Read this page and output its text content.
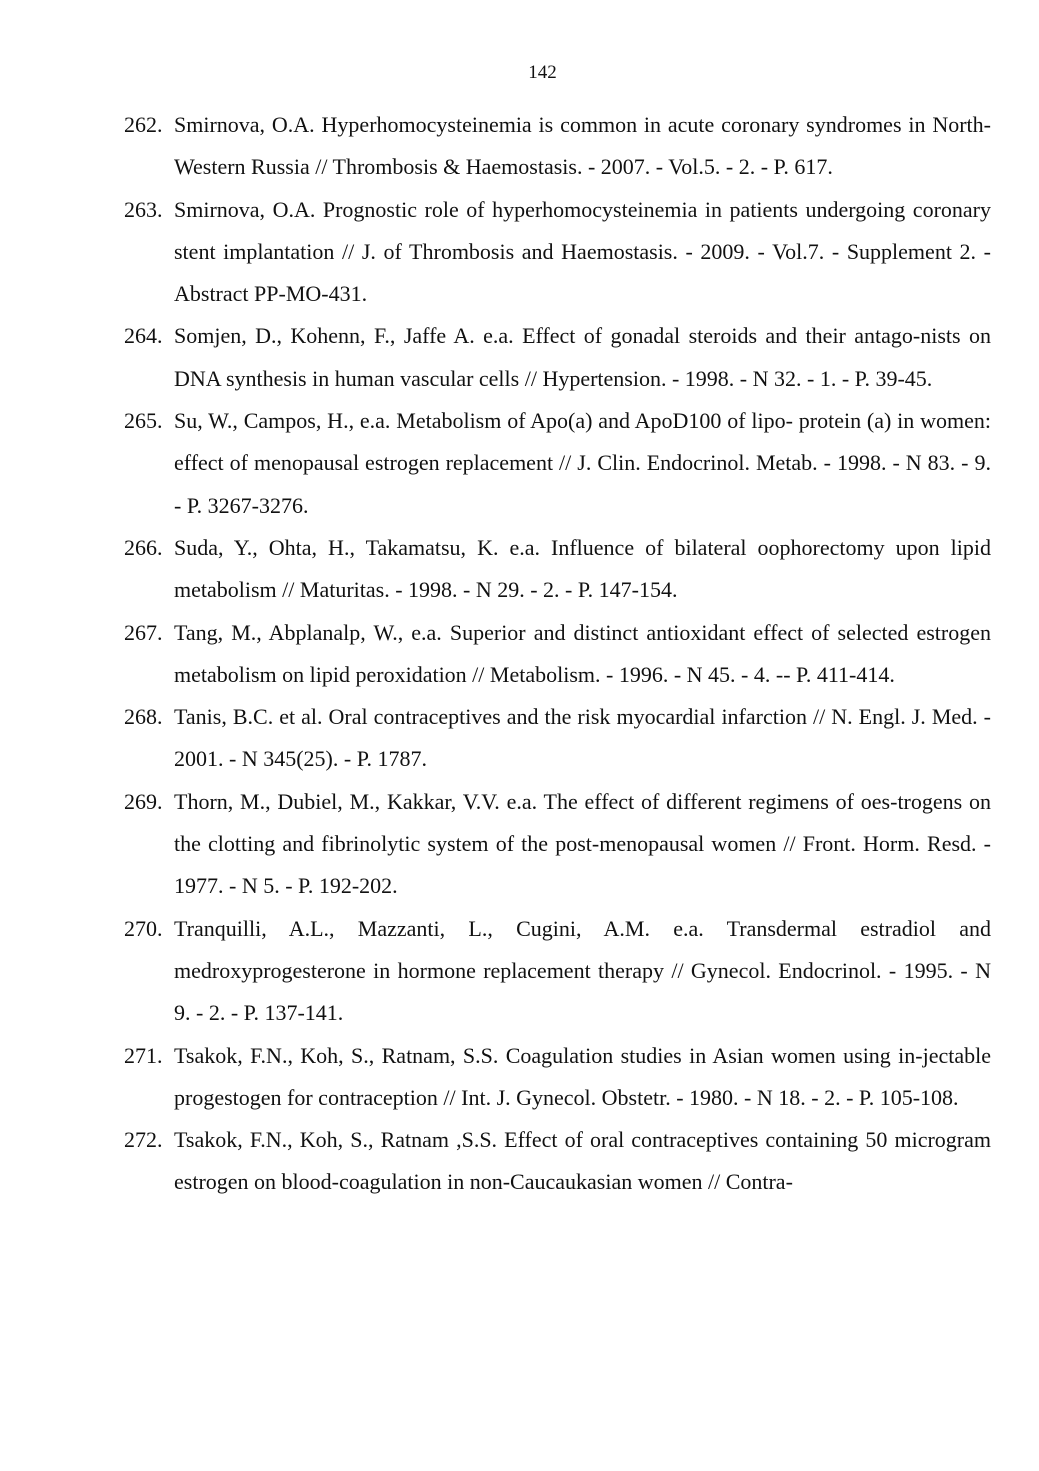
142
262. Smirnova, O.A. Hyperhomocysteinemia is common in acute coronary syndromes in North-Western Russia // Thrombosis & Haemostasis. - 2007. - Vol.5. - 2. - P. 617.
263. Smirnova, O.A. Prognostic role of hyperhomocysteinemia in patients undergoing coronary stent implantation // J. of Thrombosis and Haemostasis. - 2009. - Vol.7. - Supplement 2. - Abstract PP-MO-431.
264. Somjen, D., Kohenn, F., Jaffe A. e.a. Effect of gonadal steroids and their antago-nists on DNA synthesis in human vascular cells // Hypertension. - 1998. - N 32. - 1. - P. 39-45.
265. Su, W., Campos, H., e.a. Metabolism of Apo(a) and ApoD100 of lipo- protein (a) in women: effect of menopausal estrogen replacement // J. Clin. Endocrinol. Metab. - 1998. - N 83. - 9. - P. 3267-3276.
266. Suda, Y., Ohta, H., Takamatsu, K. e.a. Influence of bilateral oophorectomy upon lipid metabolism // Maturitas. - 1998. - N 29. - 2. - P. 147-154.
267. Tang, M., Abplanalp, W., e.a. Superior and distinct antioxidant effect of selected estrogen metabolism on lipid peroxidation // Metabolism. - 1996. - N 45. - 4. -- P. 411-414.
268. Tanis, B.C. et al. Oral contraceptives and the risk myocardial infarction // N. Engl. J. Med. - 2001. - N 345(25). - P. 1787.
269. Thorn, M., Dubiel, M., Kakkar, V.V. e.a. The effect of different regimens of oes-trogens on the clotting and fibrinolytic system of the post-menopausal women // Front. Horm. Resd. - 1977. - N 5. - P. 192-202.
270. Tranquilli, A.L., Mazzanti, L., Cugini, A.M. e.a. Transdermal estradiol and medroxyprogesterone in hormone replacement therapy // Gynecol. Endocrinol. - 1995. - N 9. - 2. - P. 137-141.
271. Tsakok, F.N., Koh, S., Ratnam, S.S. Coagulation studies in Asian women using in-jectable progestogen for contraception // Int. J. Gynecol. Obstetr. - 1980. - N 18. - 2. - P. 105-108.
272. Tsakok, F.N., Koh, S., Ratnam ,S.S. Effect of oral contraceptives containing 50 microgram estrogen on blood-coagulation in non-Caucaukasian women // Contra-
